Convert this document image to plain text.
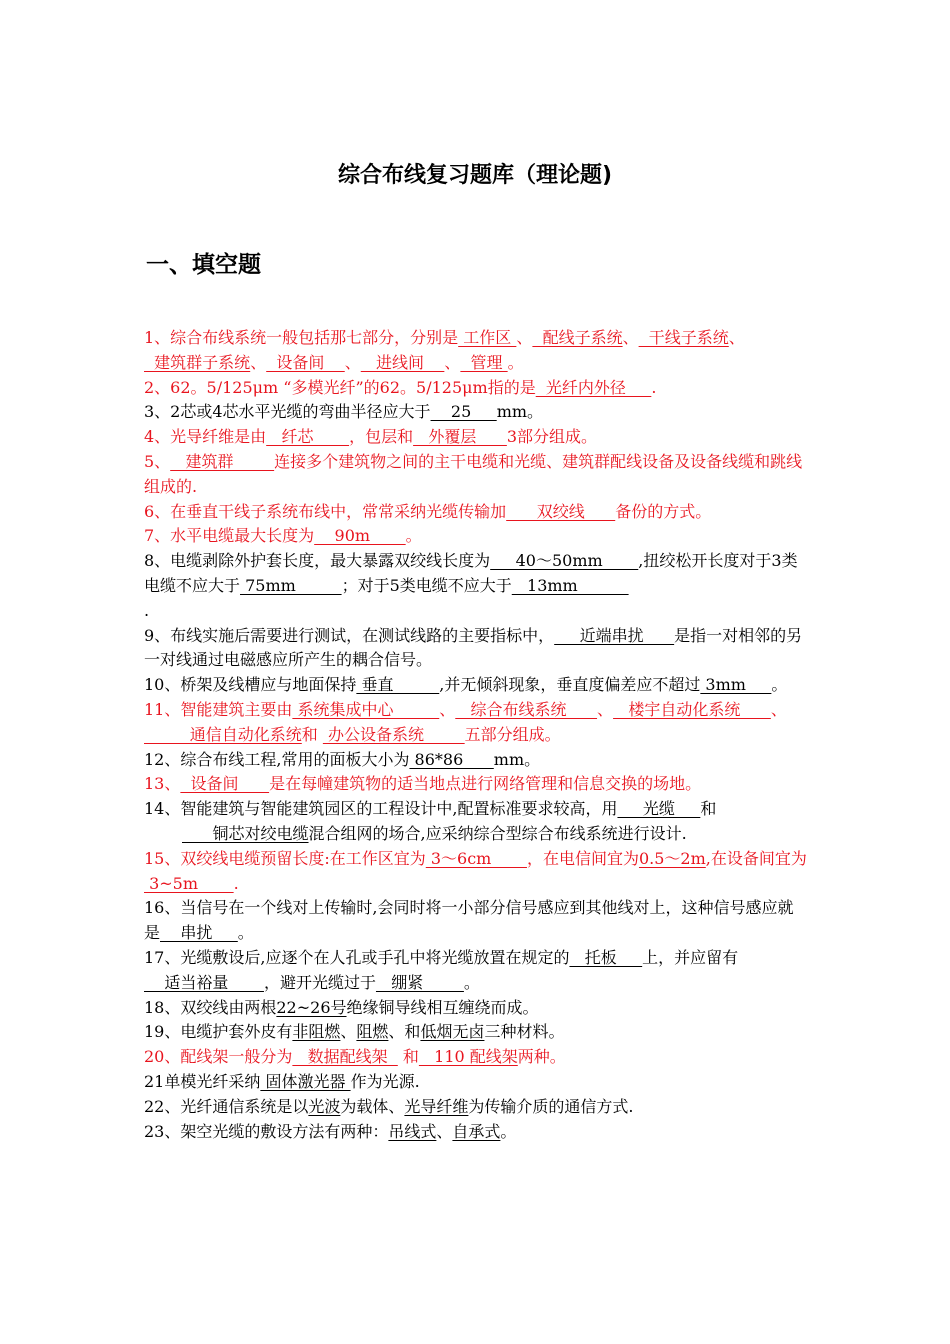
综合布线复习题库（理论题)
一、填空题

1、综合布线系统一般包括那七部分，分别是 工作区 、  配线子系统、  干线子系统、  建筑群子系统、  设备间    、   进线间    、  管理 。

2、62。5/125μm “多模光纤”的62。5/125μm指的是  光纤内外径     .

3、2芯或4芯水平光缆的弯曲半径应大于    25     mm。

4、光导纤维是由   纤芯       ，包层和   外覆层      3部分组成。

5、   建筑群        连接多个建筑物之间的主干电缆和光缆、建筑群配线设备及设备线缆和跳线组成的.

6、在垂直干线子系统布线中，常常采纳光缆传输加      双绞线      备份的方式。

7、水平电缆最大长度为    90m       。

8、电缆剥除外护套长度，最大暴露双绞线长度为     40～50mm       ,扭绞松开长度对于3类电缆不应大于 75mm         ；对于5类电缆不应大于   13mm
.

9、布线实施后需要进行测试，在测试线路的主要指标中，     近端串扰      是指一对相邻的另一对线通过电磁感应所产生的耦合信号。

10、桥架及线槽应与地面保持 垂直         ,并无倾斜现象，垂直度偏差应不超过 3mm     。

11、智能建筑主要由 系统集成中心         、   综合布线系统      、   楼宇自动化系统      、         通信自动化系统和  办公设备系统        五部分组成。

12、综合布线工程,常用的面板大小为 86*86      mm。

13、  设备间      是在每幢建筑物的适当地点进行网络管理和信息交换的场地。

14、智能建筑与智能建筑园区的工程设计中,配置标准要求较高，用     光缆     和      铜芯对绞电缆混合组网的场合,应采纳综合型综合布线系统进行设计.

15、双绞线电缆预留长度:在工作区宜为 3～6cm       ，在电信间宜为0.5～2m,在设备间宜为 3~5m       .

16、当信号在一个线对上传输时,会同时将一小部分信号感应到其他线对上，这种信号感应就是    串扰     。

17、光缆敷设后,应逐个在人孔或手孔中将光缆放置在规定的   托板     上，并应留有    适当裕量       ，避开光缆过于   绷紧        。

18、双绞线由两根22~26号绝缘铜导线相互缠绕而成。

19、电缆护套外皮有非阻燃、阻燃、和低烟无卤三种材料。

20、配线架一般分为   数据配线架   和   110 配线架两种。

21单模光纤采纳 固体激光器 作为光源.

22、光纤通信系统是以光波为载体、光导纤维为传输介质的通信方式.

23、架空光缆的敷设方法有两种：吊线式、自承式。
